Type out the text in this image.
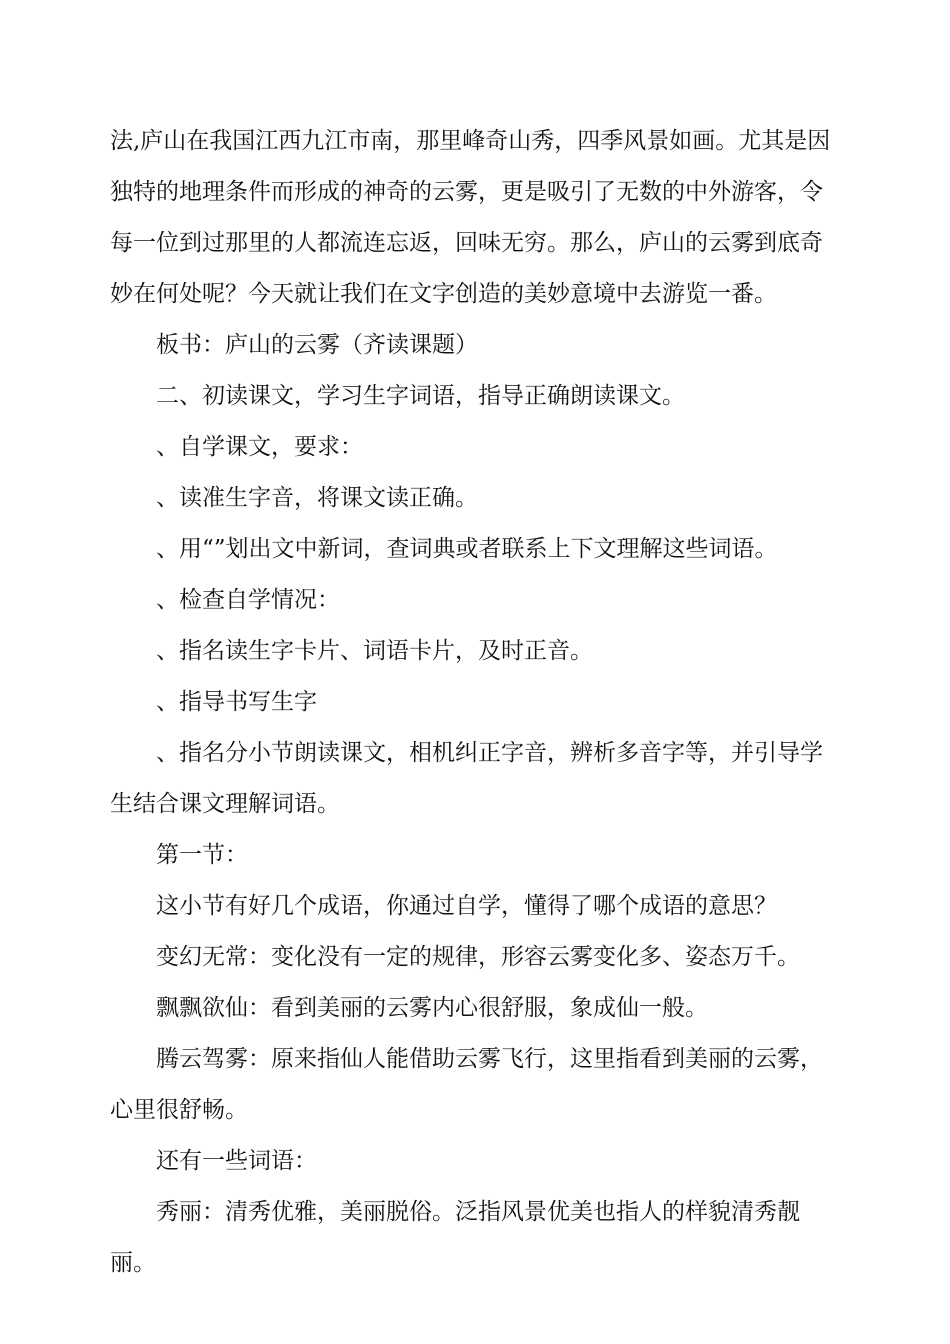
法,庐山在我国江西九江市南，那里峰奇山秀，四季风景如画。尤其是因独特的地理条件而形成的神奇的云雾，更是吸引了无数的中外游客，令每一位到过那里的人都流连忘返，回味无穷。那么，庐山的云雾到底奇妙在何处呢？今天就让我们在文字创造的美妙意境中去游览一番。

板书：庐山的云雾（齐读课题）

二、初读课文，学习生字词语，指导正确朗读课文。

、自学课文，要求：

、读准生字音，将课文读正确。

、用“”划出文中新词，查词典或者联系上下文理解这些词语。

、检查自学情况：

、指名读生字卡片、词语卡片，及时正音。

、指导书写生字

、指名分小节朗读课文，相机纠正字音，辨析多音字等，并引导学生结合课文理解词语。

第一节：

这小节有好几个成语，你通过自学，懂得了哪个成语的意思？

变幻无常：变化没有一定的规律，形容云雾变化多、姿态万千。

飘飘欲仙：看到美丽的云雾内心很舒服，象成仙一般。

腾云驾雾：原来指仙人能借助云雾飞行，这里指看到美丽的云雾，心里很舒畅。

还有一些词语：

秀丽：清秀优雅，美丽脱俗。泛指风景优美也指人的样貌清秀靓丽。
